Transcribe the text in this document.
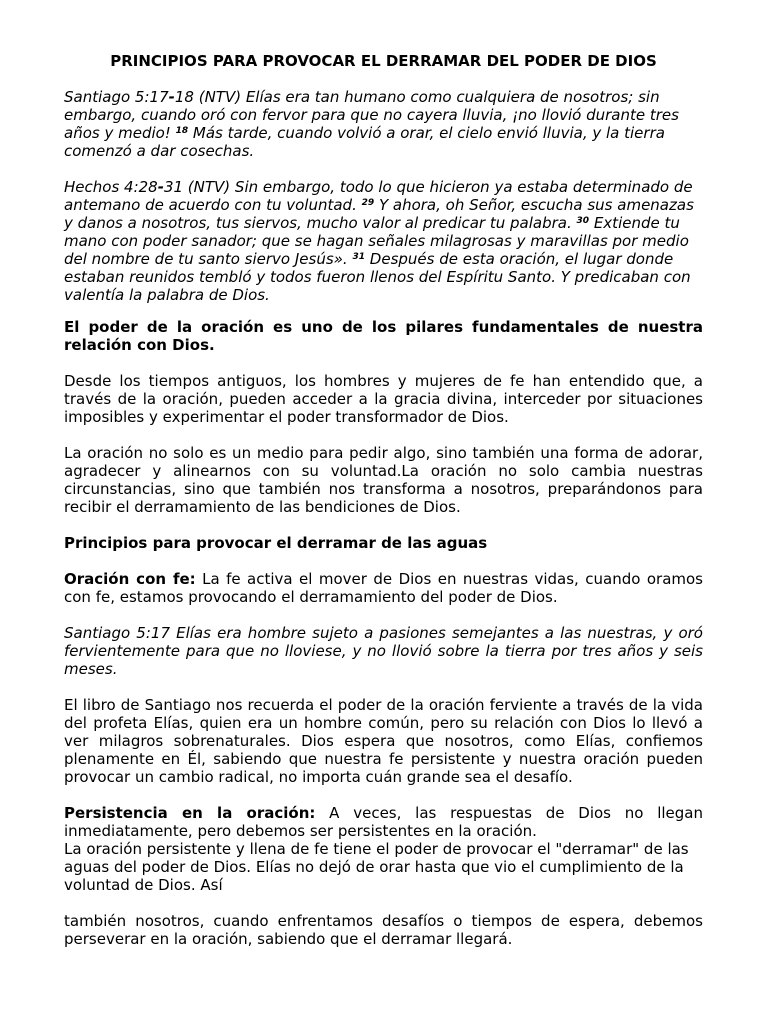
PRINCIPIOS PARA PROVOCAR EL DERRAMAR DEL PODER DE DIOS

Santiago 5:17-18 (NTV) Elías era tan humano como cualquiera de nosotros; sin embargo, cuando oró con fervor para que no cayera lluvia, ¡no llovió durante tres años y medio! $^{18}$ Más tarde, cuando volvió a orar, el cielo envió lluvia, y la tierra comenzó a dar cosechas.

Hechos 4:28-31 (NTV) Sin embargo, todo lo que hicieron ya estaba determinado de antemano de acuerdo con tu voluntad. $^{29}$ Y ahora, oh Señor, escucha sus amenazas y danos a nosotros, tus siervos, mucho valor al predicar tu palabra. $^{30}$ Extiende tu mano con poder sanador; que se hagan señales milagrosas y maravillas por medio del nombre de tu santo siervo Jesús». $^{31}$ Después de esta oración, el lugar donde estaban reunidos tembló y todos fueron llenos del Espíritu Santo. Y predicaban con valentía la palabra de Dios.

El poder de la oración es uno de los pilares fundamentales de nuestra relación con Dios.

Desde los tiempos antiguos, los hombres y mujeres de fe han entendido que, a través de la oración, pueden acceder a la gracia divina, interceder por situaciones imposibles y experimentar el poder transformador de Dios.

La oración no solo es un medio para pedir algo, sino también una forma de adorar, agradecer y alinearnos con su voluntad.La oración no solo cambia nuestras circunstancias, sino que también nos transforma a nosotros, preparándonos para recibir el derramamiento de las bendiciones de Dios.

Principios para provocar el derramar de las aguas

Oración con fe: La fe activa el mover de Dios en nuestras vidas, cuando oramos con fe, estamos provocando el derramamiento del poder de Dios.

Santiago 5:17 Elías era hombre sujeto a pasiones semejantes a las nuestras, y oró fervientemente para que no lloviese, y no llovió sobre la tierra por tres años y seis meses.

El libro de Santiago nos recuerda el poder de la oración ferviente a través de la vida del profeta Elías, quien era un hombre común, pero su relación con Dios lo llevó a ver milagros sobrenaturales. Dios espera que nosotros, como Elías, confiemos plenamente en Él, sabiendo que nuestra fe persistente y nuestra oración pueden provocar un cambio radical, no importa cuán grande sea el desafío.

Persistencia en la oración: A veces, las respuestas de Dios no llegan inmediatamente, pero debemos ser persistentes en la oración.

La oración persistente y llena de fe tiene el poder de provocar el "derramar" de las aguas del poder de Dios. Elías no dejó de orar hasta que vio el cumplimiento de la voluntad de Dios. Así

también nosotros, cuando enfrentamos desafíos o tiempos de espera, debemos perseverar en la oración, sabiendo que el derramar llegará.
